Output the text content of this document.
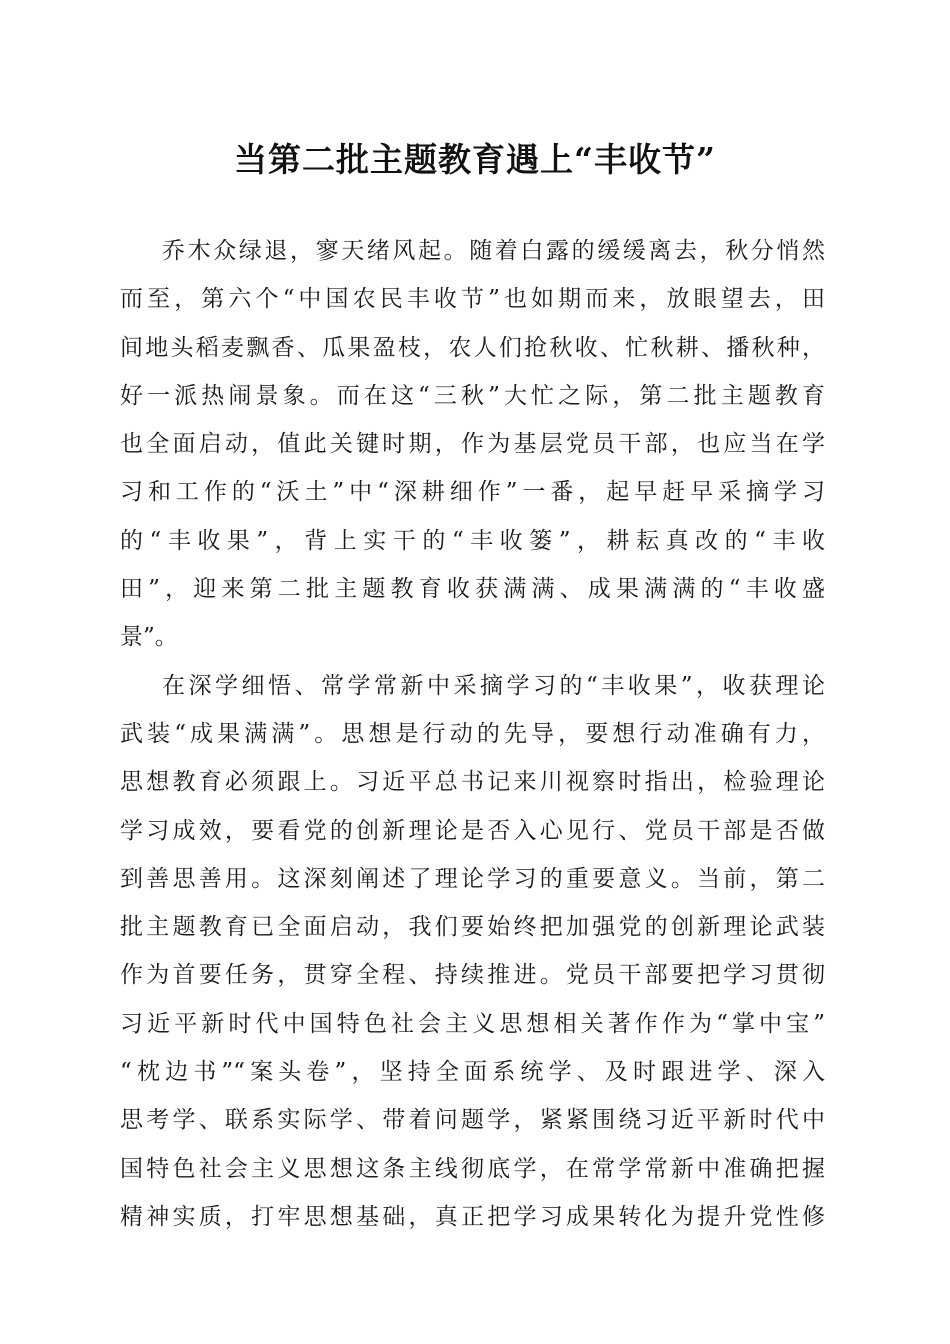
当第二批主题教育遇上“丰收节”
乔木众绿退，寥天绪风起。随着白露的缓缓离去，秋分悄然
而至，第六个“中国农民丰收节”也如期而来，放眼望去，田
间地头稻麦飘香、瓜果盈枝，农人们抢秋收、忙秋耕、播秋种，
好一派热闹景象。而在这“三秋”大忙之际，第二批主题教育
也全面启动，值此关键时期，作为基层党员干部，也应当在学
习和工作的“沃土”中“深耕细作”一番，起早赶早采摘学习
的“丰收果”，背上实干的“丰收篓”，耕耘真改的“丰收
田”，迎来第二批主题教育收获满满、成果满满的“丰收盛
景”。
在深学细悟、常学常新中采摘学习的“丰收果”，收获理论
武装“成果满满”。思想是行动的先导，要想行动准确有力，
思想教育必须跟上。习近平总书记来川视察时指出，检验理论
学习成效，要看党的创新理论是否入心见行、党员干部是否做
到善思善用。这深刻阐述了理论学习的重要意义。当前，第二
批主题教育已全面启动，我们要始终把加强党的创新理论武装
作为首要任务，贯穿全程、持续推进。党员干部要把学习贯彻
习近平新时代中国特色社会主义思想相关著作作为“掌中宝”
“枕边书”“案头卷”，坚持全面系统学、及时跟进学、深入
思考学、联系实际学、带着问题学，紧紧围绕习近平新时代中
国特色社会主义思想这条主线彻底学，在常学常新中准确把握
精神实质，打牢思想基础，真正把学习成果转化为提升党性修
